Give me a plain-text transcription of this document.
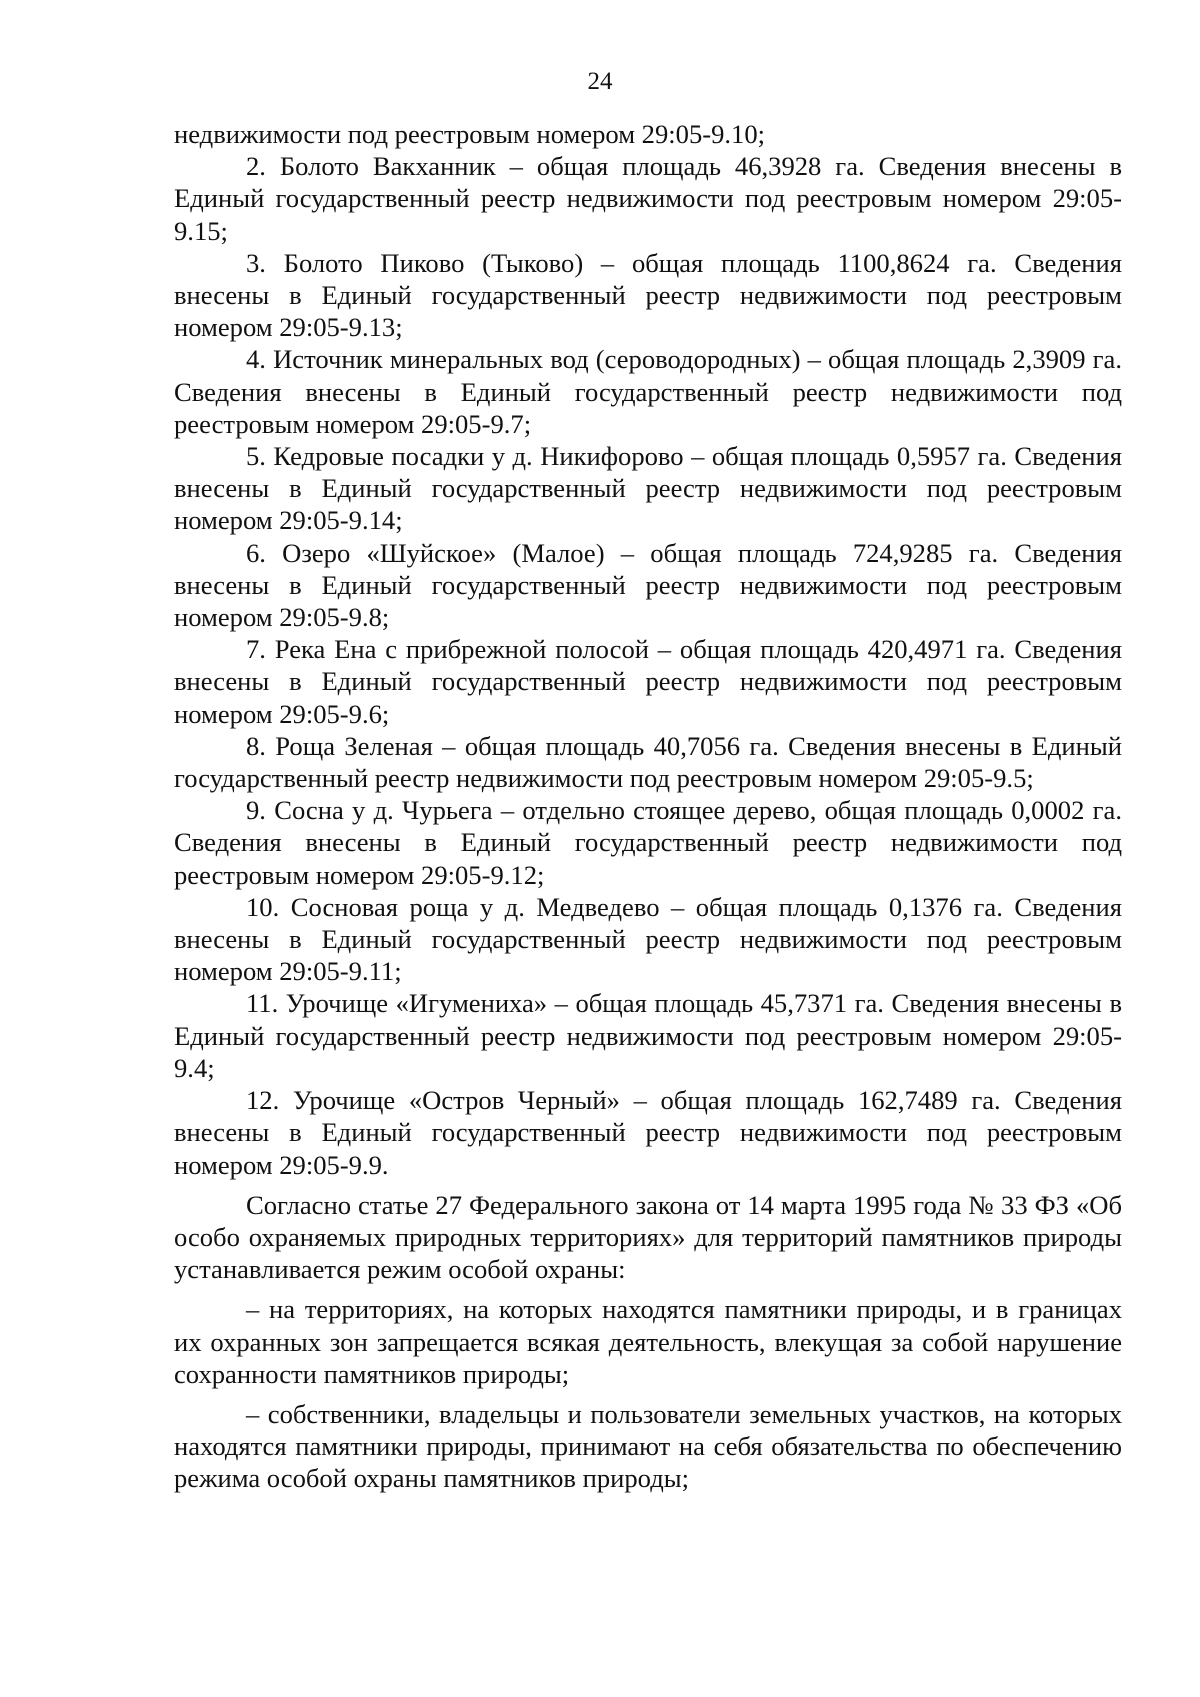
24

недвижимости под реестровым номером 29:05-9.10;

2. Болото Вакханник – общая площадь 46,3928 га. Сведения внесены в Единый государственный реестр недвижимости под реестровым номером 29:05-9.15;

3. Болото Пиково (Тыково) – общая площадь 1100,8624 га. Сведения внесены в Единый государственный реестр недвижимости под реестровым номером 29:05-9.13;

4. Источник минеральных вод (сероводородных) – общая площадь 2,3909 га. Сведения внесены в Единый государственный реестр недвижимости под реестровым номером 29:05-9.7;

5. Кедровые посадки у д. Никифорово – общая площадь 0,5957 га. Сведения внесены в Единый государственный реестр недвижимости под реестровым номером 29:05-9.14;

6. Озеро «Шуйское» (Малое) – общая площадь 724,9285 га. Сведения внесены в Единый государственный реестр недвижимости под реестровым номером 29:05-9.8;

7. Река Ена с прибрежной полосой – общая площадь 420,4971 га. Сведения внесены в Единый государственный реестр недвижимости под реестровым номером 29:05-9.6;

8. Роща Зеленая – общая площадь 40,7056 га. Сведения внесены в Единый государственный реестр недвижимости под реестровым номером 29:05-9.5;

9. Сосна у д. Чурьега – отдельно стоящее дерево, общая площадь 0,0002 га. Сведения внесены в Единый государственный реестр недвижимости под реестровым номером 29:05-9.12;

10. Сосновая роща у д. Медведево – общая площадь 0,1376 га. Сведения внесены в Единый государственный реестр недвижимости под реестровым номером 29:05-9.11;

11. Урочище «Игумениха» – общая площадь 45,7371 га. Сведения внесены в Единый государственный реестр недвижимости под реестровым номером 29:05-9.4;

12. Урочище «Остров Черный» – общая площадь 162,7489 га. Сведения внесены в Единый государственный реестр недвижимости под реестровым номером 29:05-9.9.

Согласно статье 27 Федерального закона от 14 марта 1995 года № 33 ФЗ «Об особо охраняемых природных территориях» для территорий памятников природы устанавливается режим особой охраны:

– на территориях, на которых находятся памятники природы, и в границах их охранных зон запрещается всякая деятельность, влекущая за собой нарушение сохранности памятников природы;

– собственники, владельцы и пользователи земельных участков, на которых находятся памятники природы, принимают на себя обязательства по обеспечению режима особой охраны памятников природы;
